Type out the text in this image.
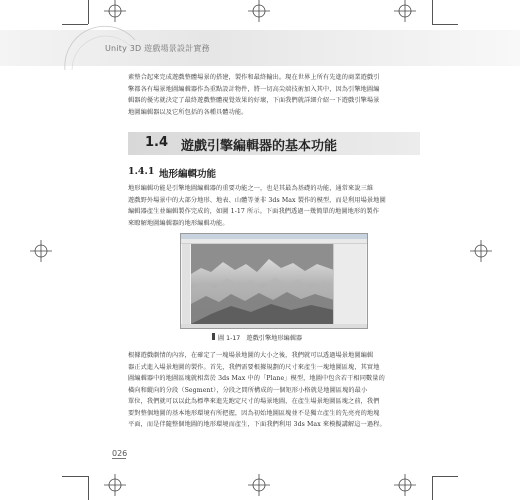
Unity 3D 遊戲場景設計實務
素整合起來完成遊戲整體場景的搭建，製作和最終輸出。現在世界上所有先進的商業遊戲引
擎都各有場景地圖編輯器作為重點設計物件，將一切高尖端技術加入其中，因為引擎地圖編
輯器的優劣就決定了最終遊戲整體視覺效果的好壞，下面我們就詳細介紹一下遊戲引擎場景
地圖編輯器以及它所包括的各種具體功能。
1.4 遊戲引擎編輯器的基本功能
1.4.1 地形編輯功能
地形編輯功能是引擎地圖編輯器的重要功能之一，也是其最為基礎的功能，通常來說三維
遊戲野外場景中的大部分地形、地表、山體等並非 3ds Max 製作的模型，而是利用場景地圖
編輯器產生並編輯製作完成的，如圖 1-17 所示。下面我們透過一幾簡單的地圖地形的製作
來瞭解地圖編輯器的地形編輯功能。
圖 1-17　遊戲引擎地形編輯器
根據遊戲劇情的內容，在確定了一塊場景地圖的大小之後，我們就可以透過場景地圖編輯
器正式進入場景地圖的製作。首先，我們需要根據規劃的尺寸來產生一塊地圖區塊，其實地
圖編輯器中的地圖區塊就相當於 3ds Max 中的「Plane」模型，地圖中包含若干相同數量的
橫向和縱向的分段（Segment），分段之間所構成的一個矩形小格就是地圖區塊的最小
單位，我們就可以以此為標準來進先跑定尺寸的場景地圖，在產生場景地圖區塊之前，我們
要對整個地圖的基本地形環境有所把握，因為初始地圖區塊並不是獨立產生的先亮亮的地塊
平面，而是伴隨整個地圖的地形環境而產生，下面我們利用 3ds Max 來模擬講解這一過程。
026
